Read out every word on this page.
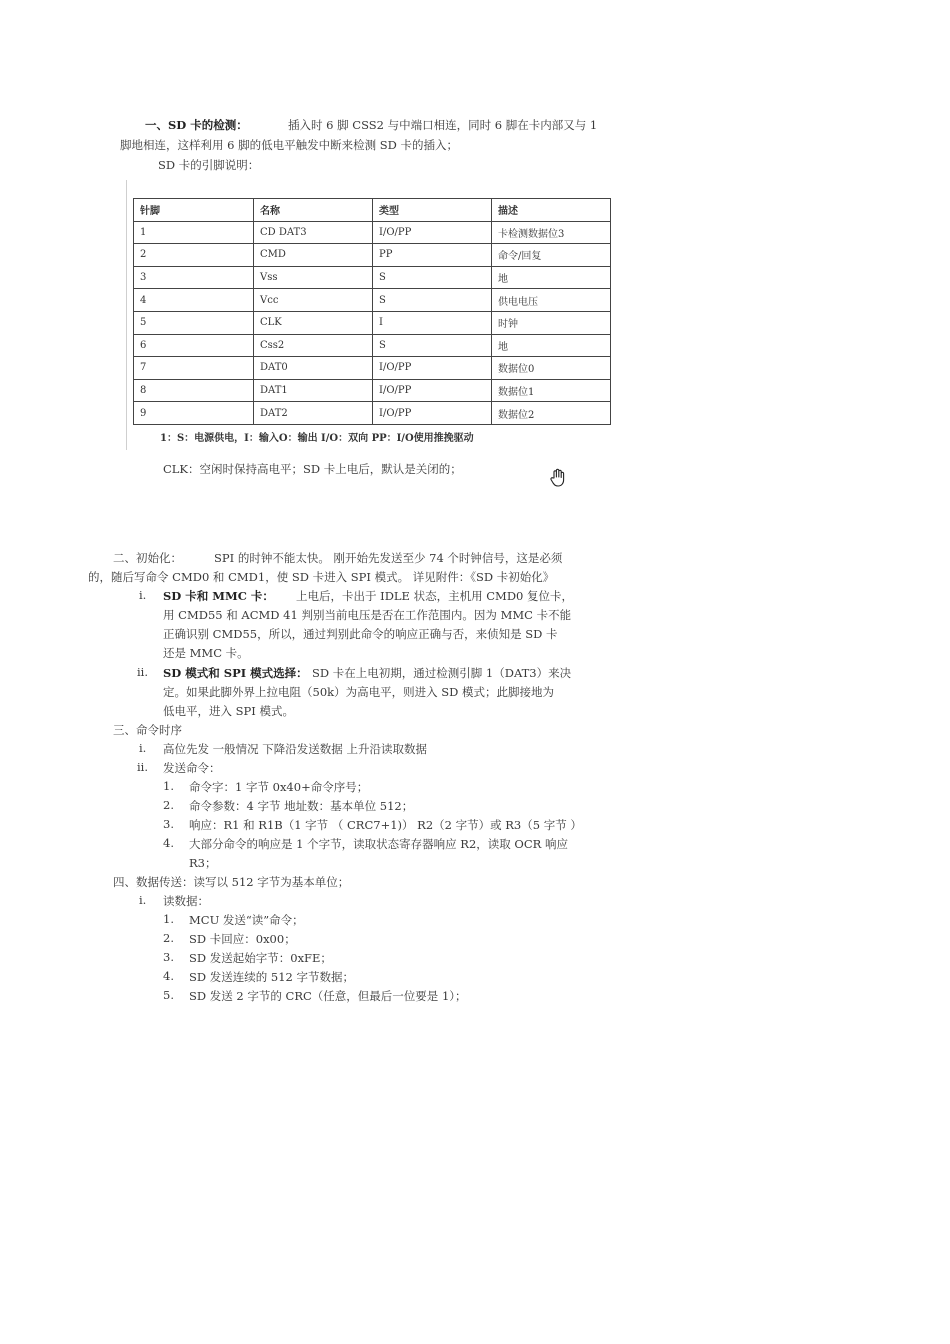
一、SD 卡的检测：	插入时 6 脚 CSS2 与中端口相连，同时 6 脚在卡内部又与 1
脚地相连，这样利用 6 脚的低电平触发中断来检测 SD 卡的插入；
SD 卡的引脚说明：
针脚	名称	类型	描述
1	CD DAT3	I/O/PP	卡检测数据位3
2	CMD	PP	命令/回复
3	Vss	S	地
4	Vcc	S	供电电压
5	CLK	I	时钟
6	Css2	S	地
7	DAT0	I/O/PP	数据位0
8	DAT1	I/O/PP	数据位1
9	DAT2	I/O/PP	数据位2
1：S：电源供电，I：输入O：输出 I/O：双向 PP：I/O使用推挽驱动
CLK：空闲时保持高电平；SD 卡上电后，默认是关闭的；
二、初始化：	SPI 的时钟不能太快。 刚开始先发送至少 74 个时钟信号，这是必须
的，随后写命令 CMD0 和 CMD1，使 SD 卡进入 SPI 模式。 详见附件：《SD 卡初始化》
i. SD 卡和 MMC 卡： 上电后，卡出于 IDLE 状态，主机用 CMD0 复位卡，
用 CMD55 和 ACMD 41 判别当前电压是否在工作范围内。因为 MMC 卡不能
正确识别 CMD55，所以，通过判别此命令的响应正确与否，来侦知是 SD 卡
还是 MMC 卡。
ii. SD 模式和 SPI 模式选择： SD 卡在上电初期，通过检测引脚 1（DAT3）来决
定。如果此脚外界上拉电阻（50k）为高电平，则进入 SD 模式；此脚接地为
低电平，进入 SPI 模式。
三、命令时序
i. 高位先发 一般情况 下降沿发送数据 上升沿读取数据
ii. 发送命令：
1. 命令字：1 字节 0x40+命令序号；
2. 命令参数：4 字节 地址数：基本单位 512；
3. 响应：R1 和 R1B（1 字节 （ CRC7+1)） R2（2 字节）或 R3（5 字节 ）
4. 大部分命令的响应是 1 个字节，读取状态寄存器响应 R2，读取 OCR 响应
R3；
四、数据传送：读写以 512 字节为基本单位；
i. 读数据：
1. MCU 发送“读”命令；
2. SD 卡回应：0x00；
3. SD 发送起始字节：0xFE；
4. SD 发送连续的 512 字节数据；
5. SD 发送 2 字节的 CRC（任意，但最后一位要是 1）；
